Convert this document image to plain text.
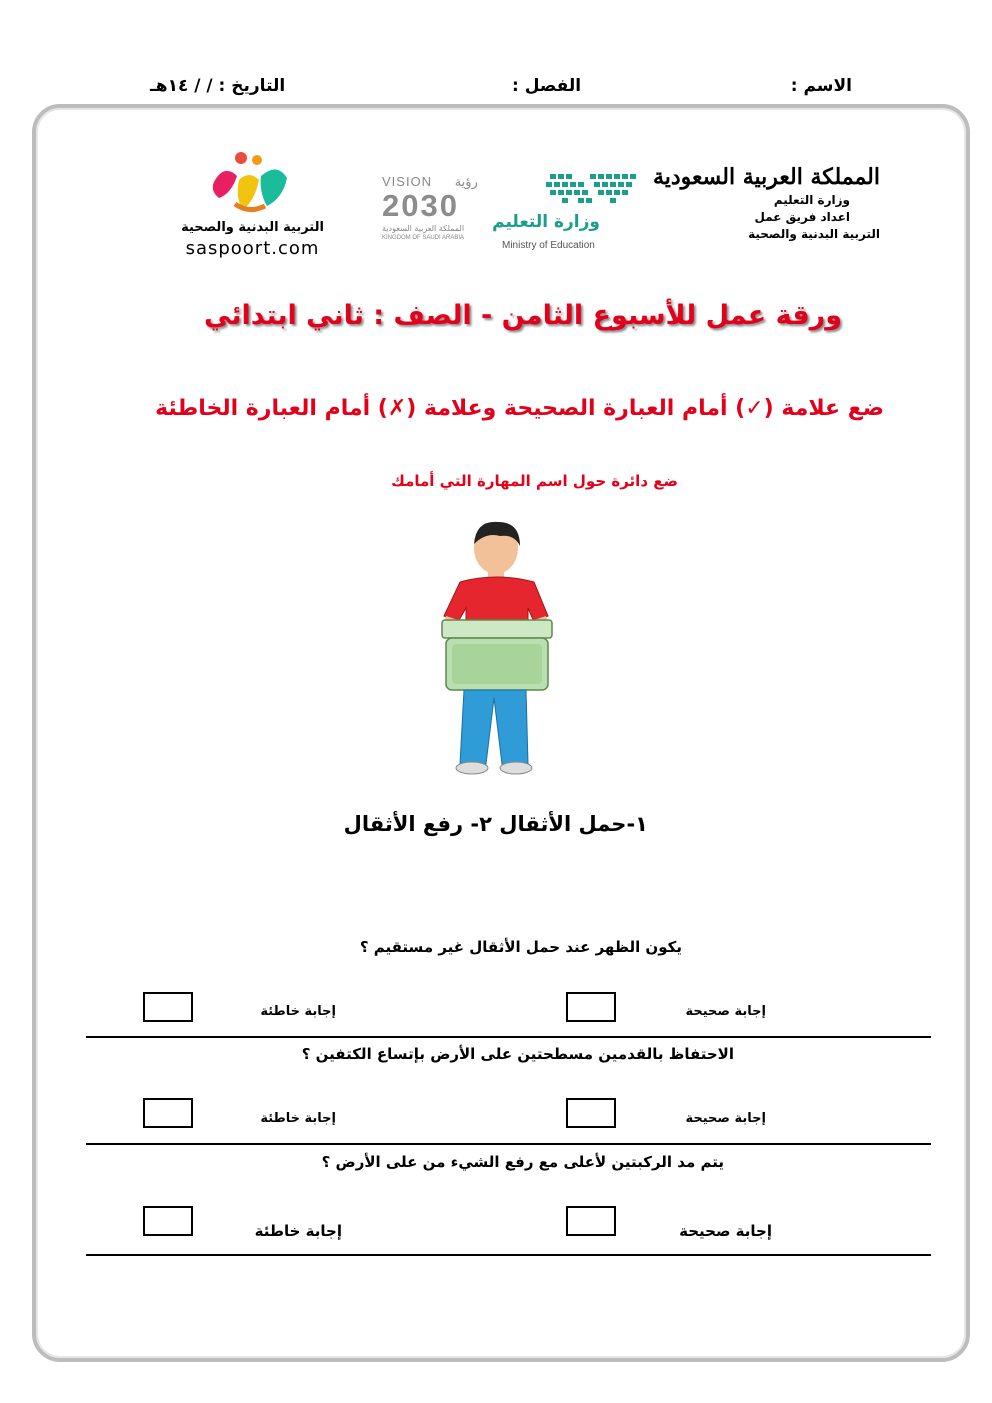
الاسم :
الفصل :
التاريخ : / / ١٤هـ
المملكة العربية السعودية
وزارة التعليم
اعداد فريق عمل
التربية البدنية والصحية
وزارة التعليم
Ministry of Education
VISION رؤية
2030
المملكة العربية السعودية
KINGDOM OF SAUDI ARABIA
التربية البدنية والصحية
saspoort.com
ورقة عمل للأسبوع الثامن - الصف : ثاني ابتدائي
ضع علامة (✓) أمام العبارة الصحيحة وعلامة (✗) أمام العبارة الخاطئة
ضع دائرة حول اسم المهارة التي أمامك
١-حمل الأثقال ٢- رفع الأثقال
يكون الظهر عند حمل الأثقال غير مستقيم ؟
إجابة صحيحة
إجابة خاطئة
الاحتفاظ بالقدمين مسطحتين على الأرض بإتساع الكتفين ؟
إجابة صحيحة
إجابة خاطئة
يتم مد الركبتين لأعلى مع رفع الشيء من على الأرض ؟
إجابة صحيحة
إجابة خاطئة
